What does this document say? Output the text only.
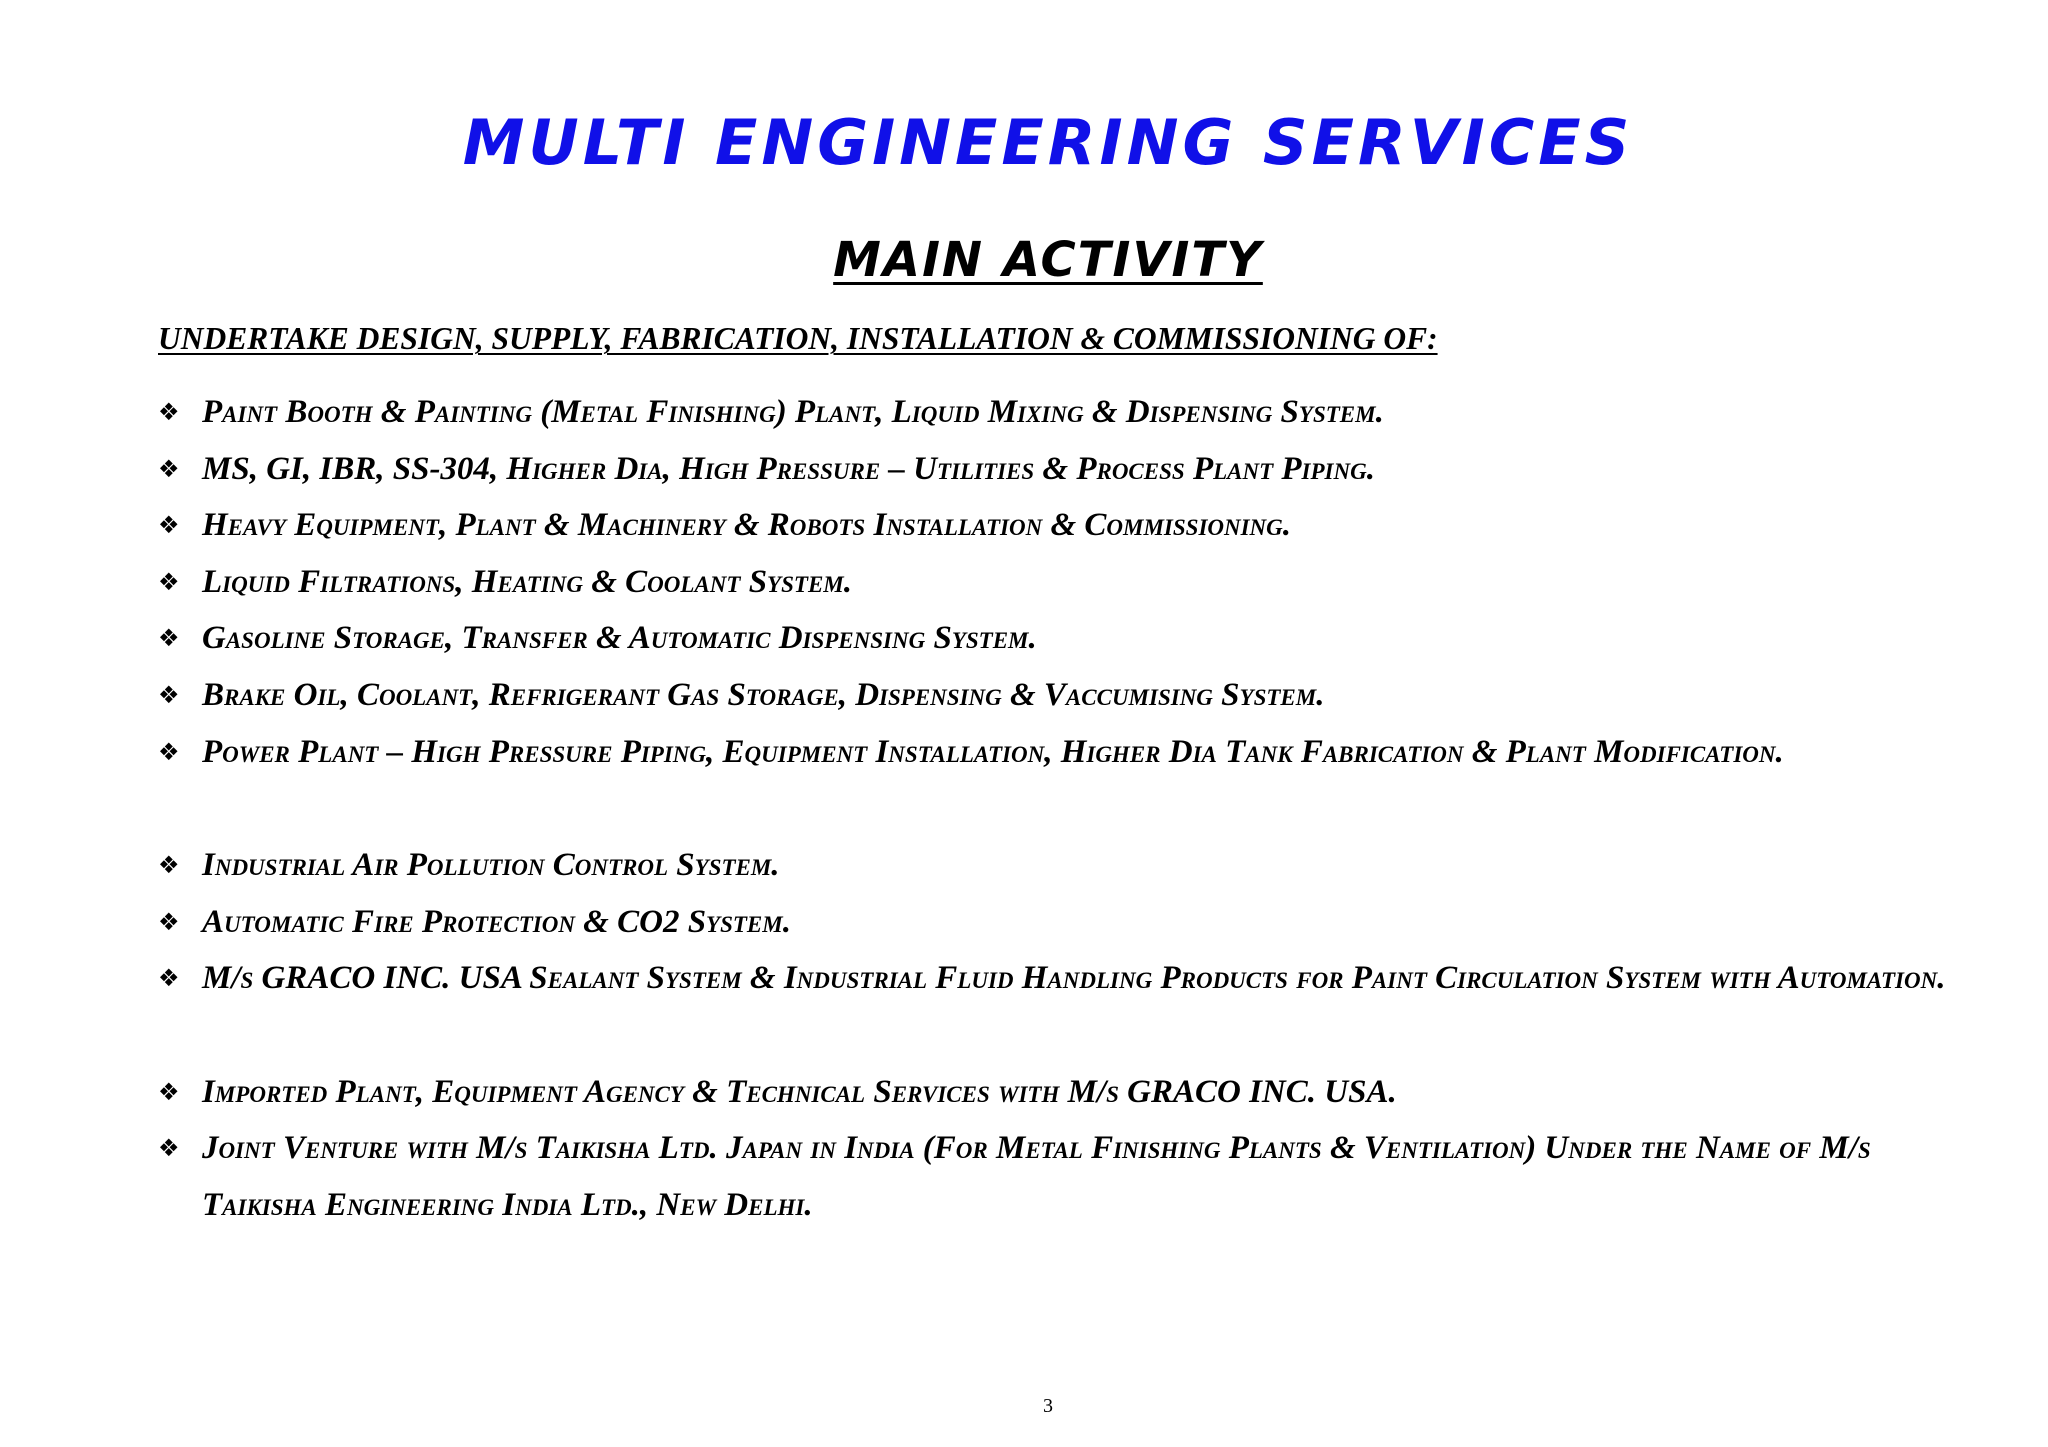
MULTI ENGINEERING SERVICES
MAIN ACTIVITY
UNDERTAKE DESIGN, SUPPLY, FABRICATION, INSTALLATION & COMMISSIONING OF:
❖ Paint Booth & Painting (Metal Finishing) Plant, Liquid Mixing & Dispensing System.
❖ MS, GI, IBR, SS-304, Higher Dia, High Pressure – Utilities & Process Plant Piping.
❖ Heavy Equipment, Plant & Machinery & Robots Installation & Commissioning.
❖ Liquid Filtrations, Heating & Coolant System.
❖ Gasoline Storage, Transfer & Automatic Dispensing System.
❖ Brake Oil, Coolant, Refrigerant Gas Storage, Dispensing & Vaccumising System.
❖ Power Plant – High Pressure Piping, Equipment Installation, Higher Dia Tank Fabrication & Plant Modification.
❖ Industrial Air Pollution Control System.
❖ Automatic Fire Protection & CO2 System.
❖ M/s GRACO INC. USA Sealant System & Industrial Fluid Handling Products for Paint Circulation System with Automation.
❖ Imported Plant, Equipment Agency & Technical Services with M/s GRACO INC. USA.
❖ Joint Venture with M/s Taikisha Ltd. Japan in India (For Metal Finishing Plants & Ventilation) Under the Name of M/s Taikisha Engineering India Ltd., New Delhi.
3
